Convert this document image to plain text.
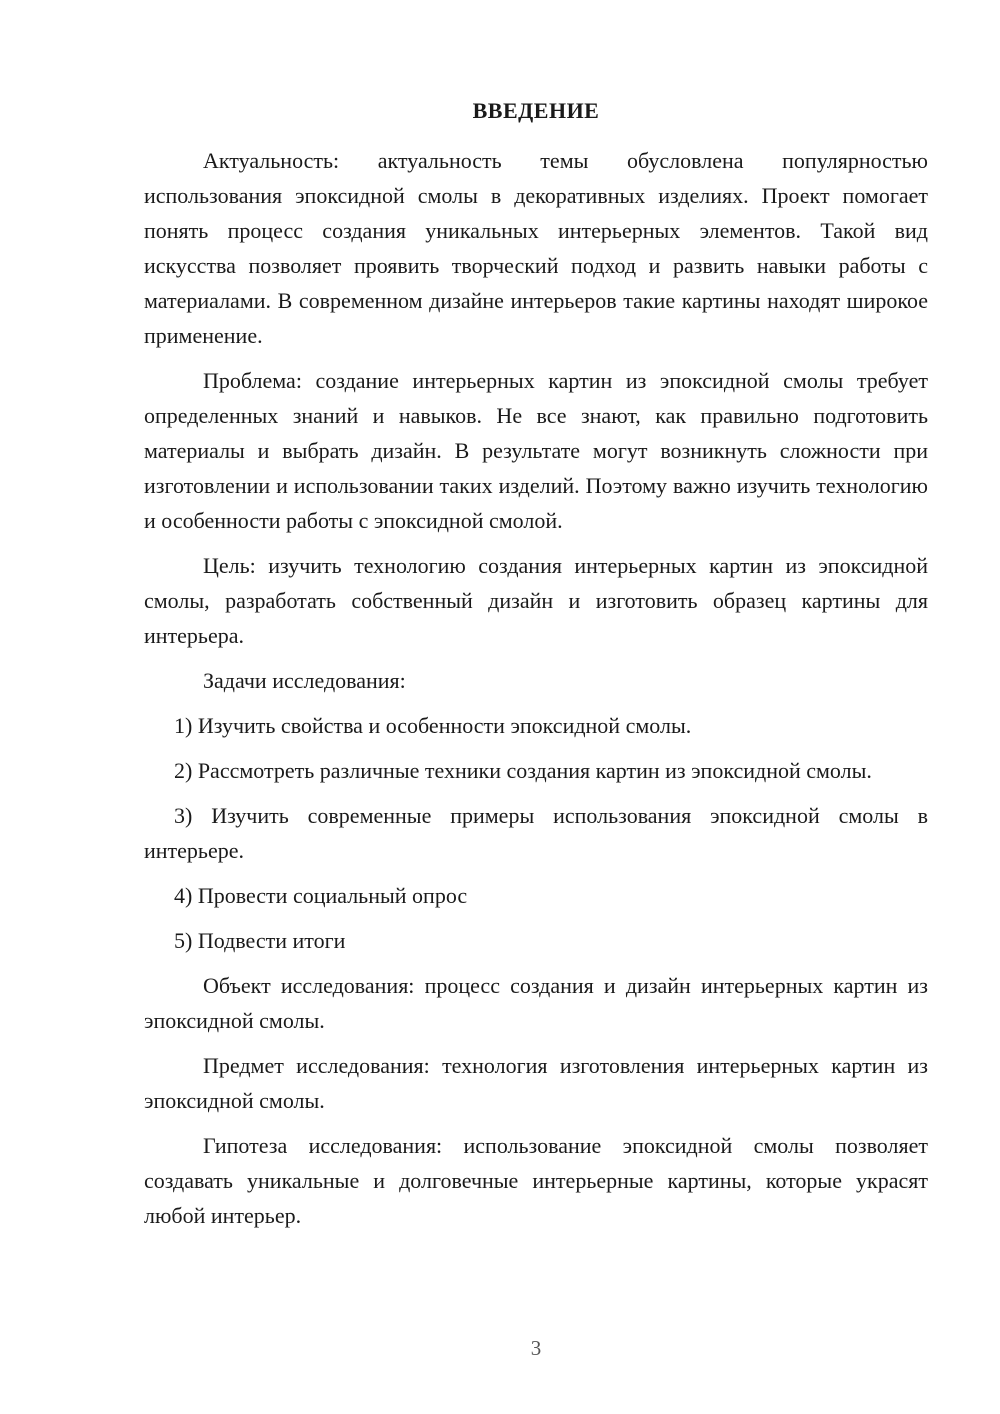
ВВЕДЕНИЕ

Актуальность: актуальность темы обусловлена популярностью использования эпоксидной смолы в декоративных изделиях. Проект помогает понять процесс создания уникальных интерьерных элементов. Такой вид искусства позволяет проявить творческий подход и развить навыки работы с материалами. В современном дизайне интерьеров такие картины находят широкое применение.

Проблема: создание интерьерных картин из эпоксидной смолы требует определенных знаний и навыков. Не все знают, как правильно подготовить материалы и выбрать дизайн. В результате могут возникнуть сложности при изготовлении и использовании таких изделий. Поэтому важно изучить технологию и особенности работы с эпоксидной смолой.

Цель: изучить технологию создания интерьерных картин из эпоксидной смолы, разработать собственный дизайн и изготовить образец картины для интерьера.

Задачи исследования:

1) Изучить свойства и особенности эпоксидной смолы.

2) Рассмотреть различные техники создания картин из эпоксидной смолы.

3) Изучить современные примеры использования эпоксидной смолы в интерьере.

4) Провести социальный опрос

5) Подвести итоги

Объект исследования: процесс создания и дизайн интерьерных картин из эпоксидной смолы.

Предмет исследования: технология изготовления интерьерных картин из эпоксидной смолы.

Гипотеза исследования: использование эпоксидной смолы позволяет создавать уникальные и долговечные интерьерные картины, которые украсят любой интерьер.

3
